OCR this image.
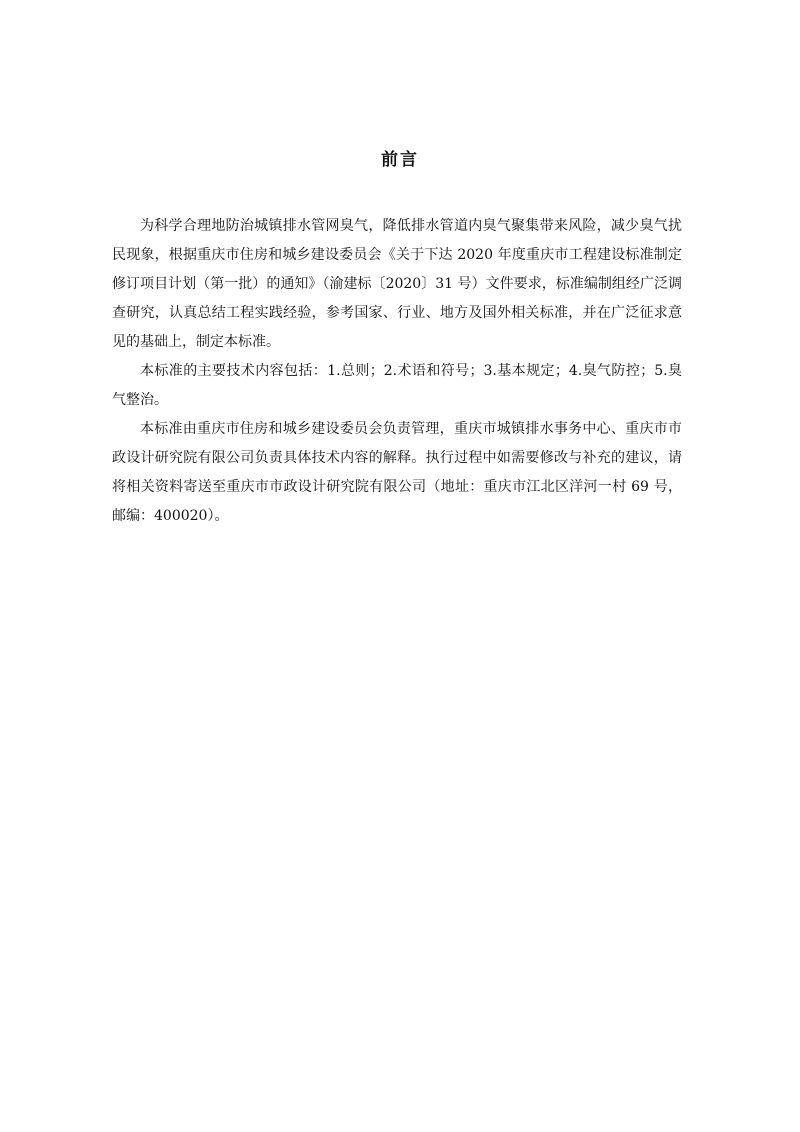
前言

为科学合理地防治城镇排水管网臭气，降低排水管道内臭气聚集带来风险，减少臭气扰民现象，根据重庆市住房和城乡建设委员会《关于下达 2020 年度重庆市工程建设标准制定修订项目计划（第一批）的通知》（渝建标〔2020〕31 号）文件要求，标准编制组经广泛调查研究，认真总结工程实践经验，参考国家、行业、地方及国外相关标准，并在广泛征求意见的基础上，制定本标准。

本标准的主要技术内容包括：1.总则；2.术语和符号；3.基本规定；4.臭气防控；5.臭气整治。

本标准由重庆市住房和城乡建设委员会负责管理，重庆市城镇排水事务中心、重庆市市政设计研究院有限公司负责具体技术内容的解释。执行过程中如需要修改与补充的建议，请将相关资料寄送至重庆市市政设计研究院有限公司（地址：重庆市江北区洋河一村 69 号，邮编：400020）。
